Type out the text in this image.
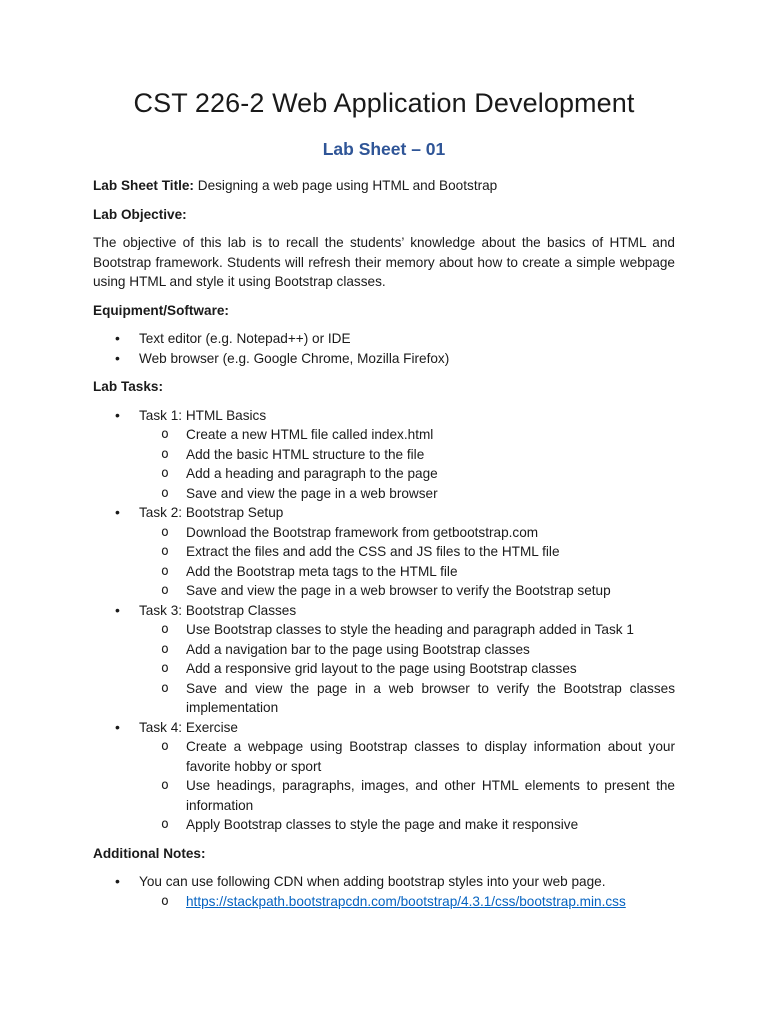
CST 226-2 Web Application Development
Lab Sheet – 01

Lab Sheet Title: Designing a web page using HTML and Bootstrap

Lab Objective:

The objective of this lab is to recall the students’ knowledge about the basics of HTML and Bootstrap framework. Students will refresh their memory about how to create a simple webpage using HTML and style it using Bootstrap classes.

Equipment/Software:

• Text editor (e.g. Notepad++) or IDE
• Web browser (e.g. Google Chrome, Mozilla Firefox)

Lab Tasks:

• Task 1: HTML Basics
o Create a new HTML file called index.html
o Add the basic HTML structure to the file
o Add a heading and paragraph to the page
o Save and view the page in a web browser
• Task 2: Bootstrap Setup
o Download the Bootstrap framework from getbootstrap.com
o Extract the files and add the CSS and JS files to the HTML file
o Add the Bootstrap meta tags to the HTML file
o Save and view the page in a web browser to verify the Bootstrap setup
• Task 3: Bootstrap Classes
o Use Bootstrap classes to style the heading and paragraph added in Task 1
o Add a navigation bar to the page using Bootstrap classes
o Add a responsive grid layout to the page using Bootstrap classes
o Save and view the page in a web browser to verify the Bootstrap classes implementation
• Task 4: Exercise
o Create a webpage using Bootstrap classes to display information about your favorite hobby or sport
o Use headings, paragraphs, images, and other HTML elements to present the information
o Apply Bootstrap classes to style the page and make it responsive

Additional Notes:

• You can use following CDN when adding bootstrap styles into your web page.
o https://stackpath.bootstrapcdn.com/bootstrap/4.3.1/css/bootstrap.min.css
